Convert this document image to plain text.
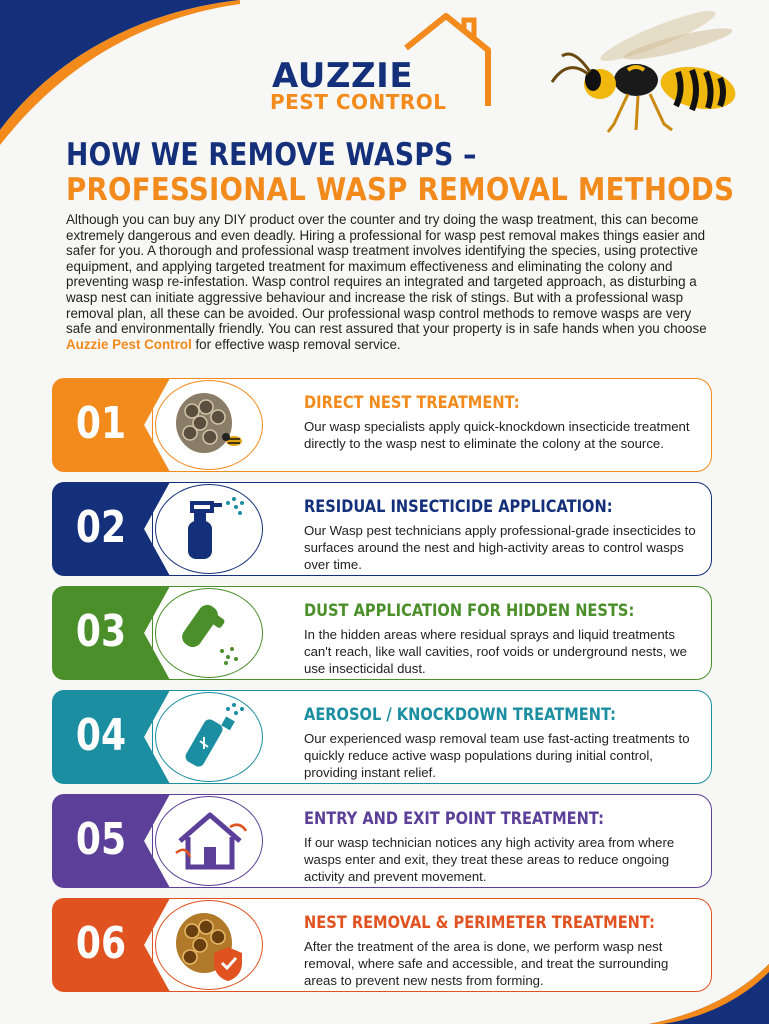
AUZZIE
PEST CONTROL
HOW WE REMOVE WASPS –
PROFESSIONAL WASP REMOVAL METHODS

Although you can buy any DIY product over the counter and try doing the wasp treatment, this can become extremely dangerous and even deadly. Hiring a professional for wasp pest removal makes things easier and safer for you. A thorough and professional wasp treatment involves identifying the species, using protective equipment, and applying targeted treatment for maximum effectiveness and eliminating the colony and preventing wasp re-infestation. Wasp control requires an integrated and targeted approach, as disturbing a wasp nest can initiate aggressive behaviour and increase the risk of stings. But with a professional wasp removal plan, all these can be avoided. Our professional wasp control methods to remove wasps are very safe and environmentally friendly. You can rest assured that your property is in safe hands when you choose Auzzie Pest Control for effective wasp removal service.

01	DIRECT NEST TREATMENT:
Our wasp specialists apply quick-knockdown insecticide treatment directly to the wasp nest to eliminate the colony at the source.
02	RESIDUAL INSECTICIDE APPLICATION:
Our Wasp pest technicians apply professional-grade insecticides to surfaces around the nest and high-activity areas to control wasps over time.
03	DUST APPLICATION FOR HIDDEN NESTS:
In the hidden areas where residual sprays and liquid treatments can't reach, like wall cavities, roof voids or underground nests, we use insecticidal dust.
04	AEROSOL / KNOCKDOWN TREATMENT:
Our experienced wasp removal team use fast-acting treatments to quickly reduce active wasp populations during initial control, providing instant relief.
05	ENTRY AND EXIT POINT TREATMENT:
If our wasp technician notices any high activity area from where wasps enter and exit, they treat these areas to reduce ongoing activity and prevent movement.
06	NEST REMOVAL & PERIMETER TREATMENT:
After the treatment of the area is done, we perform wasp nest removal, where safe and accessible, and treat the surrounding areas to prevent new nests from forming.
